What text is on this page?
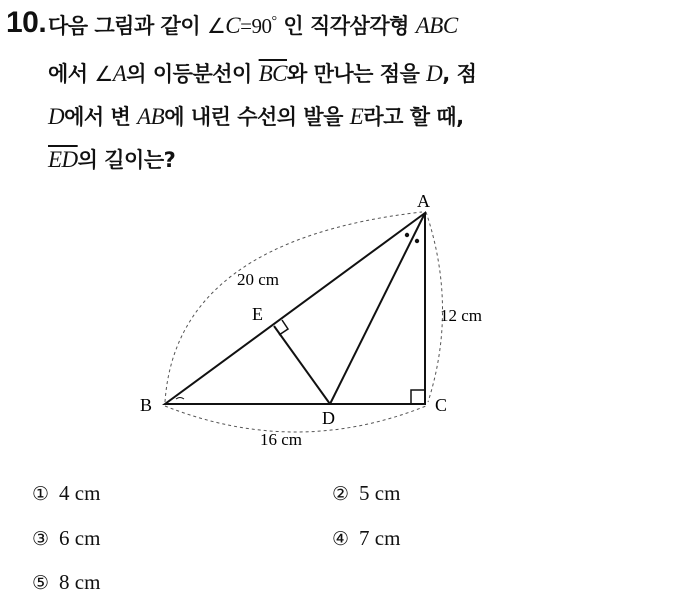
10. 다음 그림과 같이 ∠C=90° 인 직각삼각형 ABC
에서 ∠A의 이등분선이 $\overline{BC}$와 만나는 점을 D, 점
D에서 변 AB에 내린 수선의 발을 E라고 할 때,
$\overline{ED}$의 길이는?
A
B	C
D
E
20 cm
12 cm
16 cm
① 4 cm	② 5 cm
③ 6 cm	④ 7 cm
⑤ 8 cm
